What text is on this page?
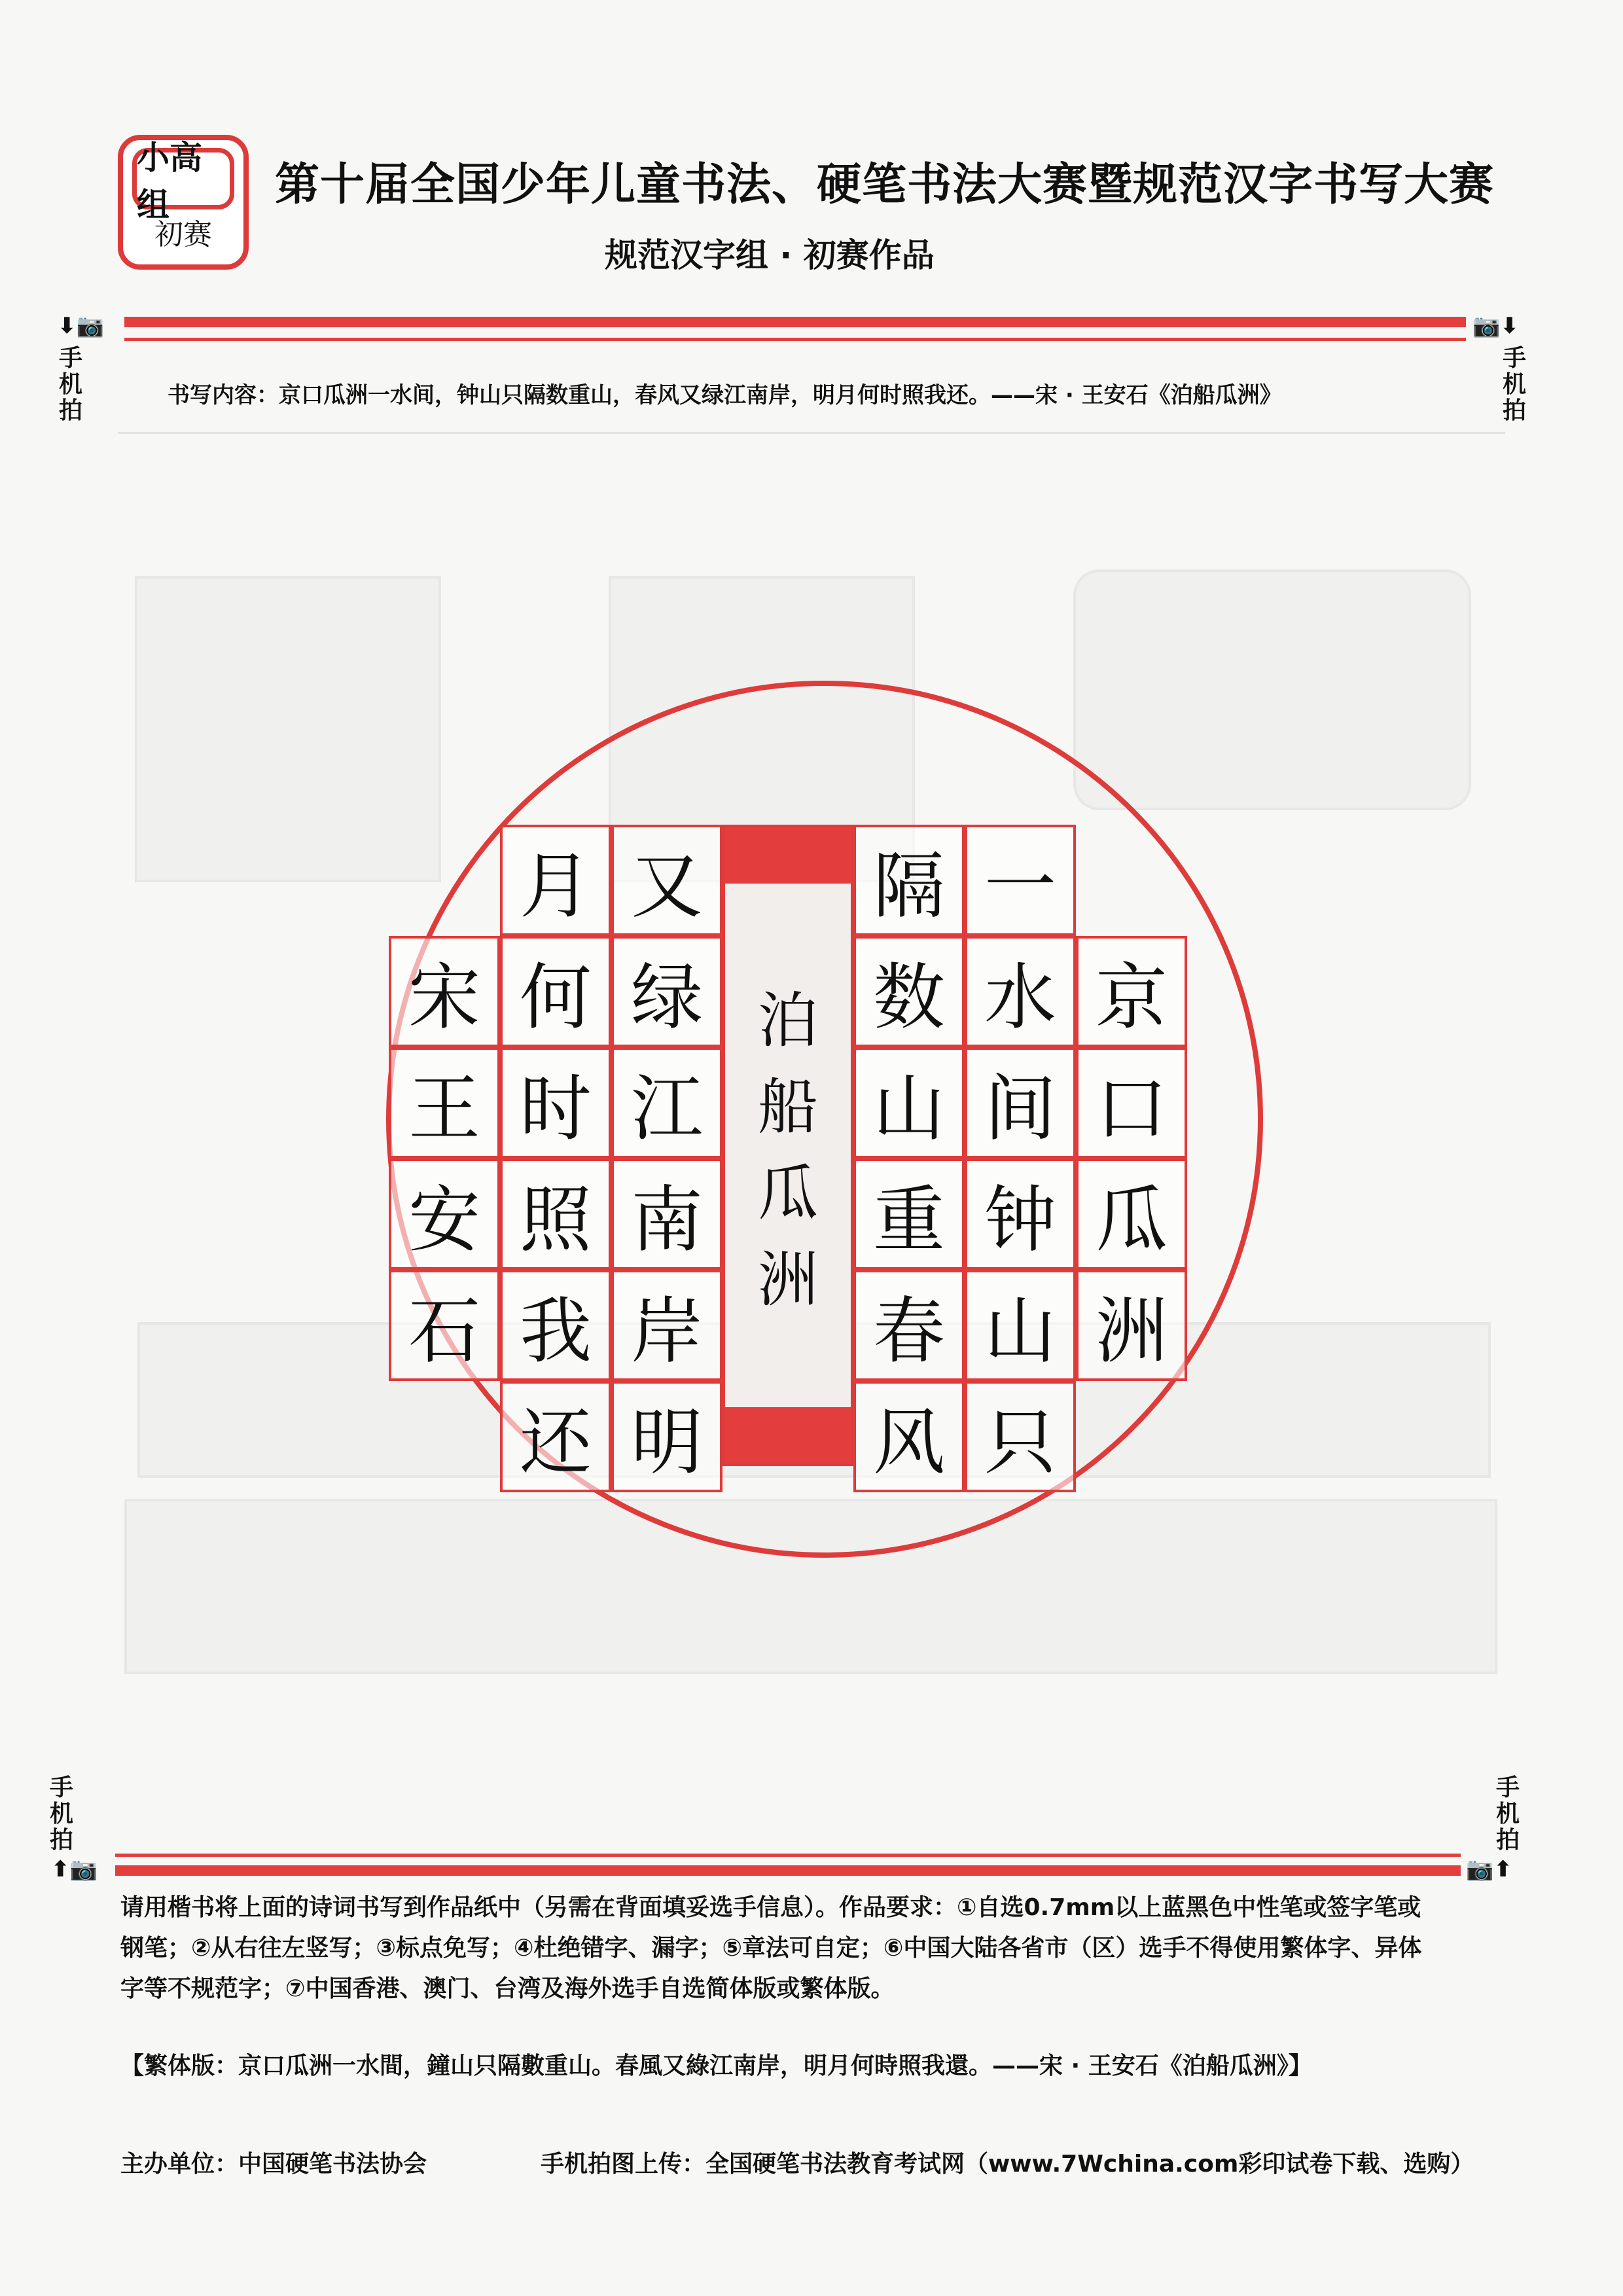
小高组
初赛
第十届全国少年儿童书法、硬笔书法大赛暨规范汉字书写大赛
规范汉字组 · 初赛作品
⬇📷	📷⬇
手机拍
手机拍
书写内容：京口瓜洲一水间，钟山只隔数重山，春风又绿江南岸，明月何时照我还。——宋 · 王安石《泊船瓜洲》
京
口
瓜
洲
一
水
间
钟
山
只
隔
数
山
重
春
风
泊
船
瓜
洲
又
绿
江
南
岸
明
月
何
时
照
我
还
宋
王
安
石
手机拍
手机拍
⬆📷	📷⬆
请用楷书将上面的诗词书写到作品纸中（另需在背面填妥选手信息）。作品要求：①自选0.7mm以上蓝黑色中性笔或签字笔或钢笔；②从右往左竖写；③标点免写；④杜绝错字、漏字；⑤章法可自定；⑥中国大陆各省市（区）选手不得使用繁体字、异体字等不规范字；⑦中国香港、澳门、台湾及海外选手自选简体版或繁体版。
【繁体版：京口瓜洲一水間，鐘山只隔數重山。春風又綠江南岸，明月何時照我還。——宋 · 王安石《泊船瓜洲》】
主办单位：中国硬笔书法协会	手机拍图上传：全国硬笔书法教育考试网（www.7Wchina.com彩印试卷下载、选购）
